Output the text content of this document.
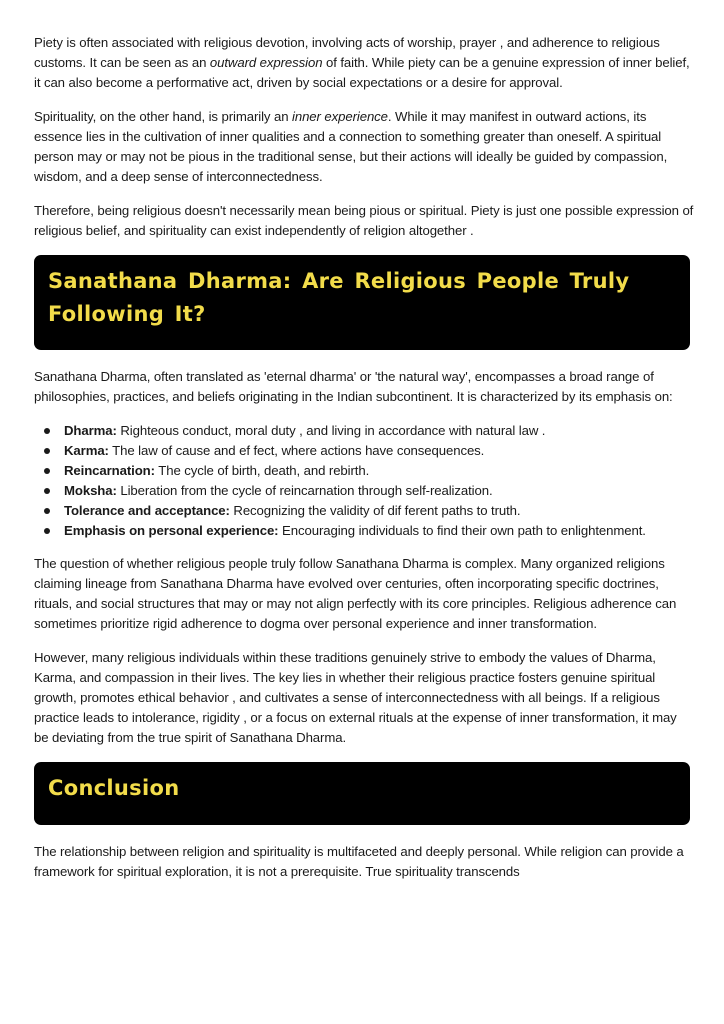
Piety is often associated with religious devotion, involving acts of worship, prayer , and adherence to religious customs. It can be seen as an outward expression of faith. While piety can be a genuine expression of inner belief, it can also become a performative act, driven by social expectations or a desire for approval.

Spirituality, on the other hand, is primarily an inner experience. While it may manifest in outward actions, its essence lies in the cultivation of inner qualities and a connection to something greater than oneself. A spiritual person may or may not be pious in the traditional sense, but their actions will ideally be guided by compassion, wisdom, and a deep sense of interconnectedness.

Therefore, being religious doesn't necessarily mean being pious or spiritual. Piety is just one possible expression of religious belief, and spirituality can exist independently of religion altogether .

Sanathana Dharma: Are Religious People Truly Following It?

Sanathana Dharma, often translated as 'eternal dharma' or 'the natural way', encompasses a broad range of philosophies, practices, and beliefs originating in the Indian subcontinent. It is characterized by its emphasis on:

Dharma: Righteous conduct, moral duty , and living in accordance with natural law .
Karma: The law of cause and ef fect, where actions have consequences.
Reincarnation: The cycle of birth, death, and rebirth.
Moksha: Liberation from the cycle of reincarnation through self-realization.
Tolerance and acceptance: Recognizing the validity of dif ferent paths to truth.
Emphasis on personal experience: Encouraging individuals to find their own path to enlightenment.

The question of whether religious people truly follow Sanathana Dharma is complex. Many organized religions claiming lineage from Sanathana Dharma have evolved over centuries, often incorporating specific doctrines, rituals, and social structures that may or may not align perfectly with its core principles. Religious adherence can sometimes prioritize rigid adherence to dogma over personal experience and inner transformation.

However, many religious individuals within these traditions genuinely strive to embody the values of Dharma, Karma, and compassion in their lives. The key lies in whether their religious practice fosters genuine spiritual growth, promotes ethical behavior , and cultivates a sense of interconnectedness with all beings. If a religious practice leads to intolerance, rigidity , or a focus on external rituals at the expense of inner transformation, it may be deviating from the true spirit of Sanathana Dharma.

Conclusion

The relationship between religion and spirituality is multifaceted and deeply personal. While religion can provide a framework for spiritual exploration, it is not a prerequisite. True spirituality transcends
